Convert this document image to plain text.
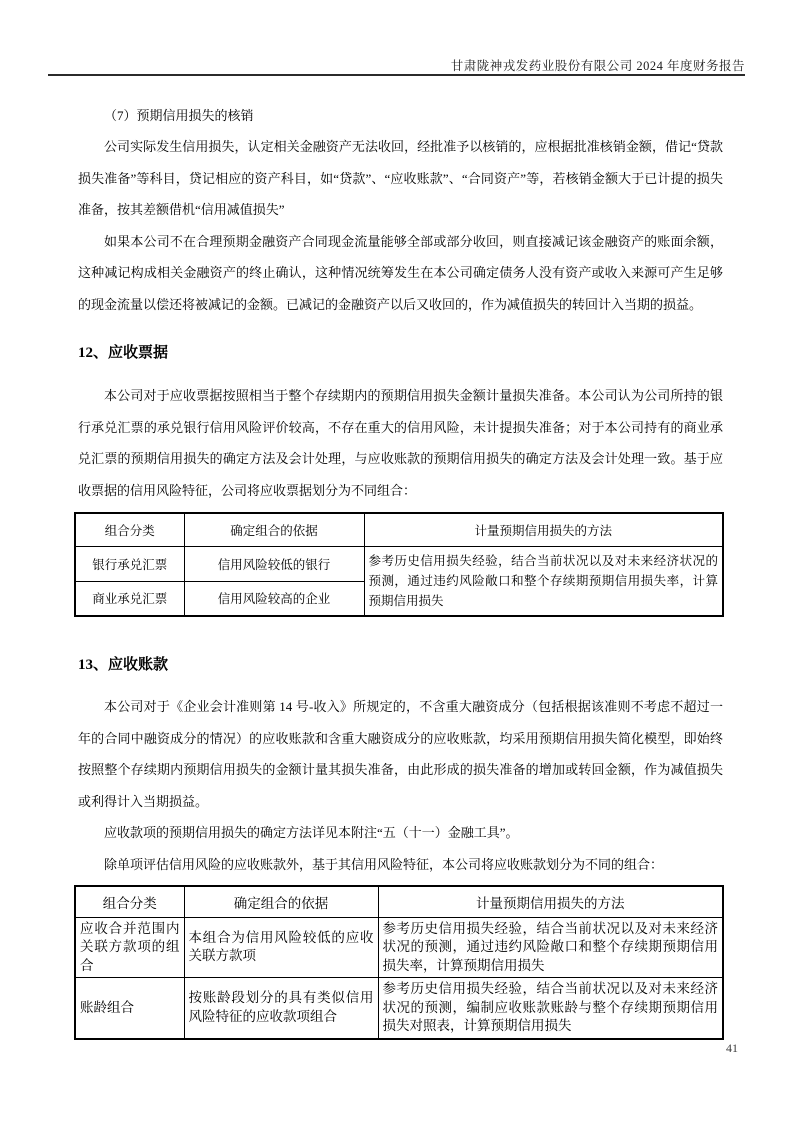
甘肃陇神戎发药业股份有限公司 2024 年度财务报告
（7）预期信用损失的核销

公司实际发生信用损失，认定相关金融资产无法收回，经批准予以核销的，应根据批准核销金额，借记“贷款损失准备”等科目，贷记相应的资产科目，如“贷款”、“应收账款”、“合同资产”等，若核销金额大于已计提的损失准备，按其差额借机“信用减值损失”

如果本公司不在合理预期金融资产合同现金流量能够全部或部分收回，则直接减记该金融资产的账面余额，这种减记构成相关金融资产的终止确认，这种情况统筹发生在本公司确定债务人没有资产或收入来源可产生足够的现金流量以偿还将被减记的金额。已减记的金融资产以后又收回的，作为减值损失的转回计入当期的损益。

12、应收票据

本公司对于应收票据按照相当于整个存续期内的预期信用损失金额计量损失准备。本公司认为公司所持的银行承兑汇票的承兑银行信用风险评价较高，不存在重大的信用风险，未计提损失准备；对于本公司持有的商业承兑汇票的预期信用损失的确定方法及会计处理，与应收账款的预期信用损失的确定方法及会计处理一致。基于应收票据的信用风险特征，公司将应收票据划分为不同组合：

组合分类	确定组合的依据	计量预期信用损失的方法
银行承兑汇票	信用风险较低的银行	参考历史信用损失经验，结合当前状况以及对未来经济状况的预测，通过违约风险敞口和整个存续期预期信用损失率，计算预期信用损失
商业承兑汇票	信用风险较高的企业	
13、应收账款

本公司对于《企业会计准则第 14 号-收入》所规定的，不含重大融资成分（包括根据该准则不考虑不超过一年的合同中融资成分的情况）的应收账款和含重大融资成分的应收账款，均采用预期信用损失简化模型，即始终按照整个存续期内预期信用损失的金额计量其损失准备，由此形成的损失准备的增加或转回金额，作为减值损失或利得计入当期损益。

应收款项的预期信用损失的确定方法详见本附注“五（十一）金融工具”。

除单项评估信用风险的应收账款外，基于其信用风险特征，本公司将应收账款划分为不同的组合：

组合分类	确定组合的依据	计量预期信用损失的方法
应收合并范围内关联方款项的组合	本组合为信用风险较低的应收关联方款项	参考历史信用损失经验，结合当前状况以及对未来经济状况的预测，通过违约风险敞口和整个存续期预期信用损失率，计算预期信用损失
账龄组合	按账龄段划分的具有类似信用风险特征的应收款项组合	参考历史信用损失经验，结合当前状况以及对未来经济状况的预测，编制应收账款账龄与整个存续期预期信用损失对照表，计算预期信用损失
41
